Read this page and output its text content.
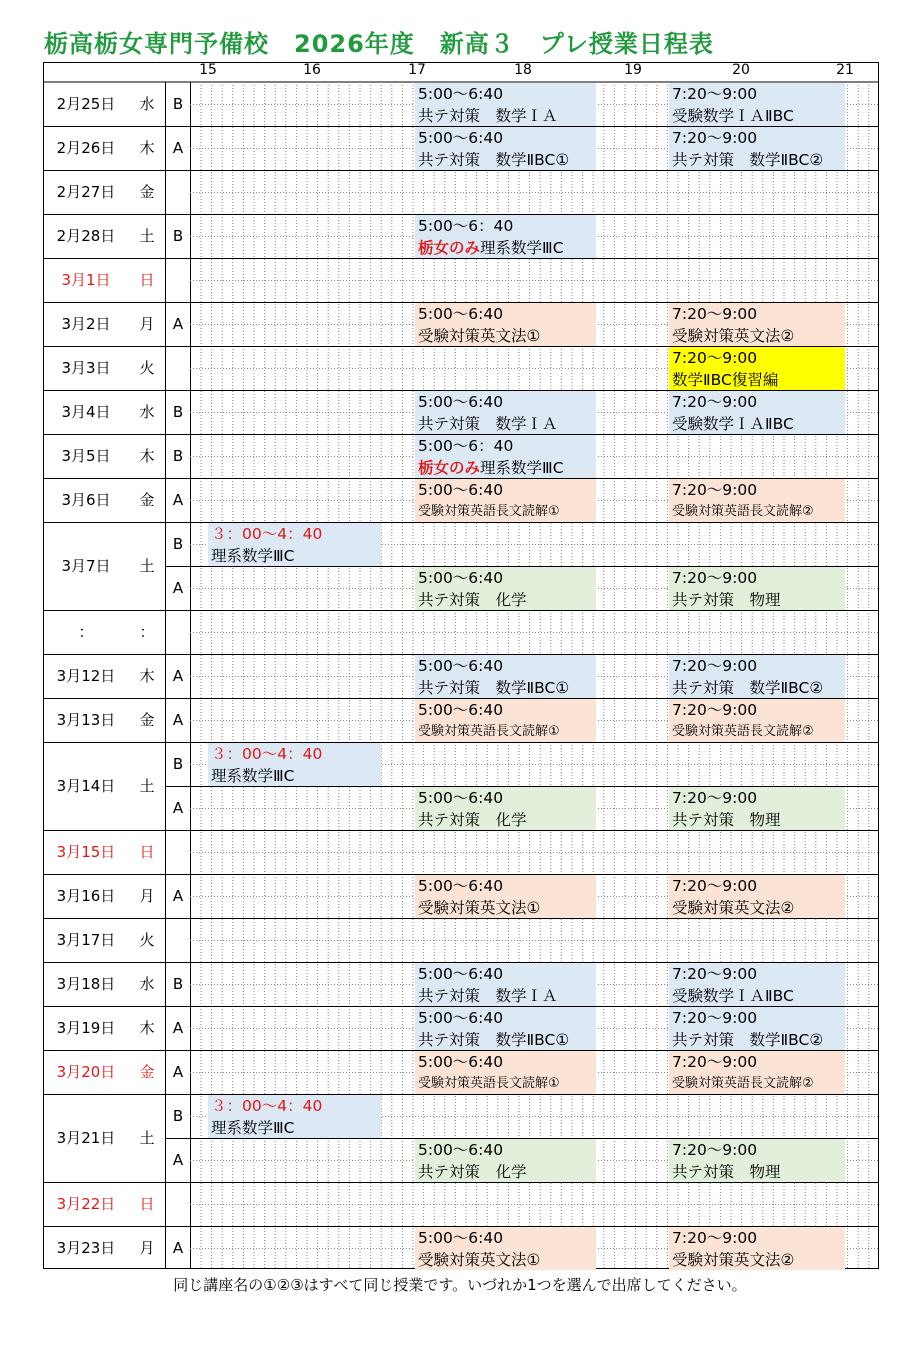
栃高栃女専門予備校　2026年度　新高３　プレ授業日程表
15	16	17	18	19	20	21
2月25日	水	B
5:00～6:40
共テ対策　数学ＩＡ
7:20～9:00
受験数学ＩＡⅡBC
2月26日	木	A
5:00～6:40
共テ対策　数学ⅡBC①
7:20～9:00
共テ対策　数学ⅡBC②
2月27日	金
2月28日	土	B
5:00～6：40
栃女のみ理系数学ⅢC
3月1日	日
3月2日	月	A
5:00～6:40
受験対策英文法①
7:20～9:00
受験対策英文法②
3月3日	火
7:20～9:00
数学ⅡBC復習編
3月4日	水	B
5:00～6:40
共テ対策　数学ＩＡ
7:20～9:00
受験数学ＩＡⅡBC
3月5日	木	B
5:00～6：40
栃女のみ理系数学ⅢC
3月6日	金	A
5:00～6:40
受験対策英語長文読解①
7:20～9:00
受験対策英語長文読解②
3月7日	土
B
３：00～4：40
理系数学ⅢC
A
5:00～6:40
共テ対策　化学
7:20～9:00
共テ対策　物理
：	：
3月12日	木	A
5:00～6:40
共テ対策　数学ⅡBC①
7:20～9:00
共テ対策　数学ⅡBC②
3月13日	金	A
5:00～6:40
受験対策英語長文読解①
7:20～9:00
受験対策英語長文読解②
3月14日	土
B
３：00～4：40
理系数学ⅢC
A
5:00～6:40
共テ対策　化学
7:20～9:00
共テ対策　物理
3月15日	日
3月16日	月	A
5:00～6:40
受験対策英文法①
7:20～9:00
受験対策英文法②
3月17日	火
3月18日	水	B
5:00～6:40
共テ対策　数学ＩＡ
7:20～9:00
受験数学ＩＡⅡBC
3月19日	木	A
5:00～6:40
共テ対策　数学ⅡBC①
7:20～9:00
共テ対策　数学ⅡBC②
3月20日	金	A
5:00～6:40
受験対策英語長文読解①
7:20～9:00
受験対策英語長文読解②
3月21日	土
B
３：00～4：40
理系数学ⅢC
A
5:00～6:40
共テ対策　化学
7:20～9:00
共テ対策　物理
3月22日	日
3月23日	月	A
5:00～6:40
受験対策英文法①
7:20～9:00
受験対策英文法②
同じ講座名の①②③はすべて同じ授業です。いづれか1つを選んで出席してください。
